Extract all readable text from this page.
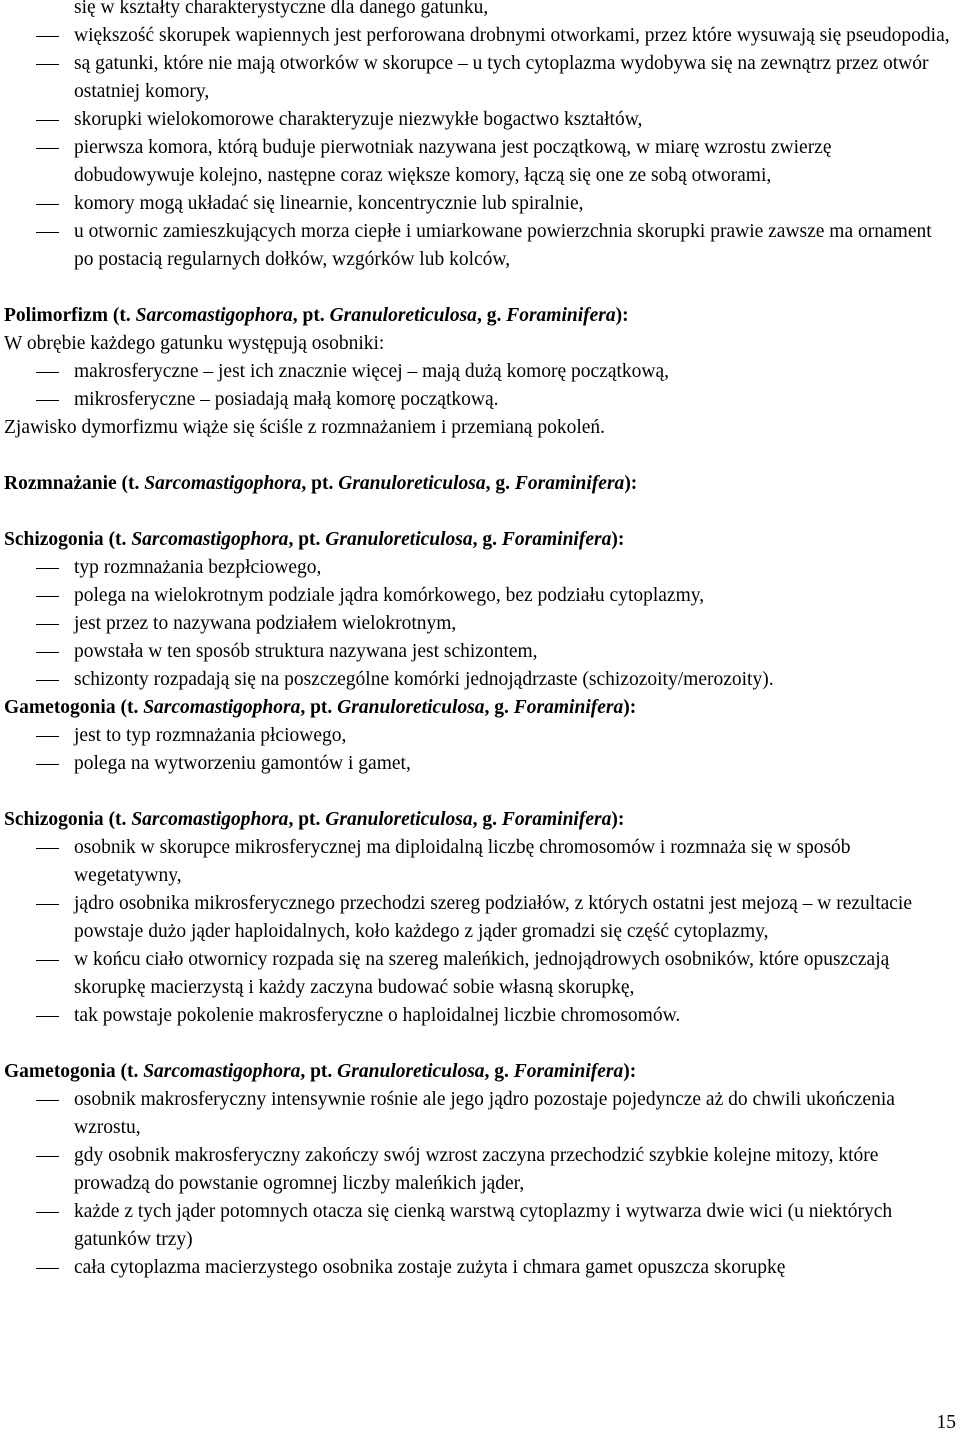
się w kształty charakterystyczne dla danego gatunku,
większość skorupek wapiennych jest perforowana drobnymi otworkami, przez które wysuwają się pseudopodia,
są gatunki, które nie mają otworków w skorupce – u tych cytoplazma wydobywa się na zewnątrz przez otwór ostatniej komory,
skorupki wielokomorowe charakteryzuje niezwykłe bogactwo kształtów,
pierwsza komora, którą buduje pierwotniak nazywana jest początkową, w miarę wzrostu zwierzę dobudowywuje kolejno, następne coraz większe komory, łączą się one ze sobą otworami,
komory mogą układać się linearnie, koncentrycznie lub spiralnie,
u otwornic zamieszkujących morza ciepłe i umiarkowane powierzchnia skorupki prawie zawsze ma ornament po postacią regularnych dołków, wzgórków lub kolców,
Polimorfizm (t. Sarcomastigophora, pt. Granuloreticulosa, g. Foraminifera):
W obrębie każdego gatunku występują osobniki:
makrosferyczne – jest ich znacznie więcej – mają dużą komorę początkową,
mikrosferyczne – posiadają małą komorę początkową.
Zjawisko dymorfizmu wiąże się ściśle z rozmnażaniem i przemianą pokoleń.
Rozmnażanie (t. Sarcomastigophora, pt. Granuloreticulosa, g. Foraminifera):
Schizogonia (t. Sarcomastigophora, pt. Granuloreticulosa, g. Foraminifera):
typ rozmnażania bezpłciowego,
polega na wielokrotnym podziale jądra komórkowego, bez podziału cytoplazmy,
jest przez to nazywana podziałem wielokrotnym,
powstała w ten sposób struktura nazywana jest schizontem,
schizonty rozpadają się na poszczególne komórki jednojądrzaste (schizozoity/merozoity).
Gametogonia (t. Sarcomastigophora, pt. Granuloreticulosa, g. Foraminifera):
jest to typ rozmnażania płciowego,
polega na wytworzeniu gamontów i gamet,
Schizogonia (t. Sarcomastigophora, pt. Granuloreticulosa, g. Foraminifera):
osobnik w skorupce mikrosferycznej ma diploidalną liczbę chromosomów i rozmnaża się w sposób wegetatywny,
jądro osobnika mikrosferycznego przechodzi szereg podziałów, z których ostatni jest mejozą – w rezultacie powstaje dużo jąder haploidalnych, koło każdego z jąder gromadzi się część cytoplazmy,
w końcu ciało otwornicy rozpada się na szereg maleńkich, jednojądrowych osobników, które opuszczają skorupkę macierzystą i każdy zaczyna budować sobie własną skorupkę,
tak powstaje pokolenie makrosferyczne o haploidalnej liczbie chromosomów.
Gametogonia (t. Sarcomastigophora, pt. Granuloreticulosa, g. Foraminifera):
osobnik makrosferyczny intensywnie rośnie ale jego jądro pozostaje pojedyncze aż do chwili ukończenia wzrostu,
gdy osobnik makrosferyczny zakończy swój wzrost zaczyna przechodzić szybkie kolejne mitozy, które prowadzą do powstanie ogromnej liczby maleńkich jąder,
każde z tych jąder potomnych otacza się cienką warstwą cytoplazmy i wytwarza dwie wici (u niektórych gatunków trzy)
cała cytoplazma macierzystego osobnika zostaje zużyta i chmara gamet opuszcza skorupkę
15
